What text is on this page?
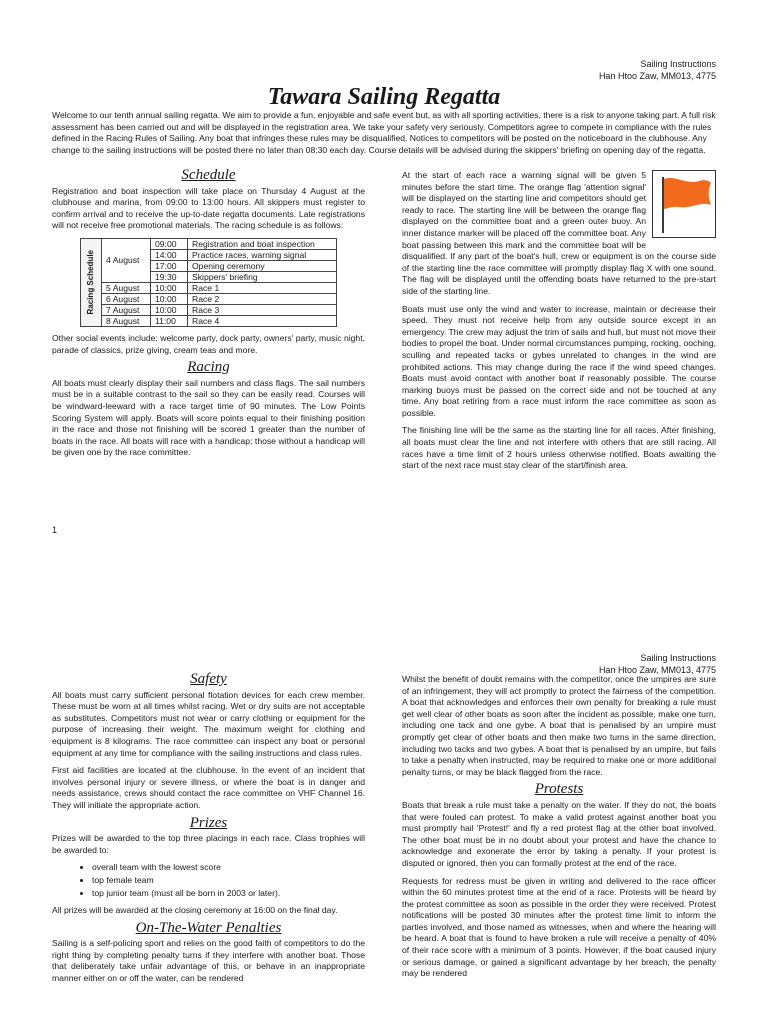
Sailing Instructions
Han Htoo Zaw, MM013, 4775
Tawara Sailing Regatta

Welcome to our tenth annual sailing regatta. We aim to provide a fun, enjoyable and safe event but, as with all sporting activities, there is a risk to anyone taking part. A full risk assessment has been carried out and will be displayed in the registration area. We take your safety very seriously. Competitors agree to compete in compliance with the rules defined in the Racing Rules of Sailing. Any boat that infringes these rules may be disqualified. Notices to competitors will be posted on the noticeboard in the clubhouse. Any change to the sailing instructions will be posted there no later than 08:30 each day. Course details will be advised during the skippers' briefing on opening day of the regatta.

Schedule

Registration and boat inspection will take place on Thursday 4 August at the clubhouse and marina, from 09:00 to 13:00 hours. All skippers must register to confirm arrival and to receive the up-to-date regatta documents. Late registrations will not receive free promotional materials. The racing schedule is as follows:

Racing Schedule 4 August	09:00	Registration and boat inspection
	14:00	Practice races, warning signal
	17:00	Opening ceremony
	19:30	Skippers' briefing
5 August	10:00	Race 1
6 August	10:00	Race 2
7 August	10:00	Race 3
8 August	11:00	Race 4

Other social events include: welcome party, dock party, owners' party, music night, parade of classics, prize giving, cream teas and more.

Racing

All boats must clearly display their sail numbers and class flags. The sail numbers must be in a suitable contrast to the sail so they can be easily read. Courses will be windward-leeward with a race target time of 90 minutes. The Low Points Scoring System will apply. Boats will score points equal to their finishing position in the race and those not finishing will be scored 1 greater than the number of boats in the race. All boats will race with a handicap; those without a handicap will be given one by the race committee.

At the start of each race a warning signal will be given 5 minutes before the start time. The orange flag 'attention signal' will be displayed on the starting line and competitors should get ready to race. The starting line will be between the orange flag displayed on the committee boat and a green outer buoy. An inner distance marker will be placed off the committee boat. Any boat passing between this mark and the committee boat will be disqualified. If any part of the boat's hull, crew or equipment is on the course side of the starting line the race committee will promptly display flag X with one sound. The flag will be displayed until the offending boats have returned to the pre-start side of the starting line.

Boats must use only the wind and water to increase, maintain or decrease their speed. They must not receive help from any outside source except in an emergency. The crew may adjust the trim of sails and hull, but must not move their bodies to propel the boat. Under normal circumstances pumping, rocking, ooching, sculling and repeated tacks or gybes unrelated to changes in the wind are prohibited actions. This may change during the race if the wind speed changes. Boats must avoid contact with another boat if reasonably possible. The course marking buoys must be passed on the correct side and not be touched at any time. Any boat retiring from a race must inform the race committee as soon as possible.

The finishing line will be the same as the starting line for all races. After finishing, all boats must clear the line and not interfere with others that are still racing. All races have a time limit of 2 hours unless otherwise notified. Boats awaiting the start of the next race must stay clear of the start/finish area.

1
Sailing Instructions
Han Htoo Zaw, MM013, 4775
Safety

All boats must carry sufficient personal flotation devices for each crew member. These must be worn at all times whilst racing. Wet or dry suits are not acceptable as substitutes. Competitors must not wear or carry clothing or equipment for the purpose of increasing their weight. The maximum weight for clothing and equipment is 8 kilograms. The race committee can inspect any boat or personal equipment at any time for compliance with the sailing instructions and class rules.

First aid facilities are located at the clubhouse. In the event of an incident that involves personal injury or severe illness, or where the boat is in danger and needs assistance, crews should contact the race committee on VHF Channel 16. They will initiate the appropriate action.

Prizes

Prizes will be awarded to the top three placings in each race. Class trophies will be awarded to:

• overall team with the lowest score
• top female team
• top junior team (must all be born in 2003 or later).

All prizes will be awarded at the closing ceremony at 16:00 on the final day.

On-The-Water Penalties

Sailing is a self-policing sport and relies on the good faith of competitors to do the right thing by completing penalty turns if they interfere with another boat. Those that deliberately take unfair advantage of this, or behave in an inappropriate manner either on or off the water, can be rendered

Whilst the benefit of doubt remains with the competitor, once the umpires are sure of an infringement, they will act promptly to protect the fairness of the competition. A boat that acknowledges and enforces their own penalty for breaking a rule must get well clear of other boats as soon after the incident as possible, make one turn, including one tack and one gybe. A boat that is penalised by an umpire must promptly get clear of other boats and then make two turns in the same direction, including two tacks and two gybes. A boat that is penalised by an umpire, but fails to take a penalty when instructed, may be required to make one or more additional penalty turns, or may be black flagged from the race.

Protests

Boats that break a rule must take a penalty on the water. If they do not, the boats that were fouled can protest. To make a valid protest against another boat you must promptly hail 'Protest!' and fly a red protest flag at the other boat involved. The other boat must be in no doubt about your protest and have the chance to acknowledge and exonerate the error by taking a penalty. If your protest is disputed or ignored, then you can formally protest at the end of the race.

Requests for redress must be given in writing and delivered to the race officer within the 60 minutes protest time at the end of a race. Protests will be heard by the protest committee as soon as possible in the order they were received. Protest notifications will be posted 30 minutes after the protest time limit to inform the parties involved, and those named as witnesses, when and where the hearing will be heard. A boat that is found to have broken a rule will receive a penalty of 40% of their race score with a minimum of 3 points. However, if the boat caused injury or serious damage, or gained a significant advantage by her breach, the penalty may be rendered
